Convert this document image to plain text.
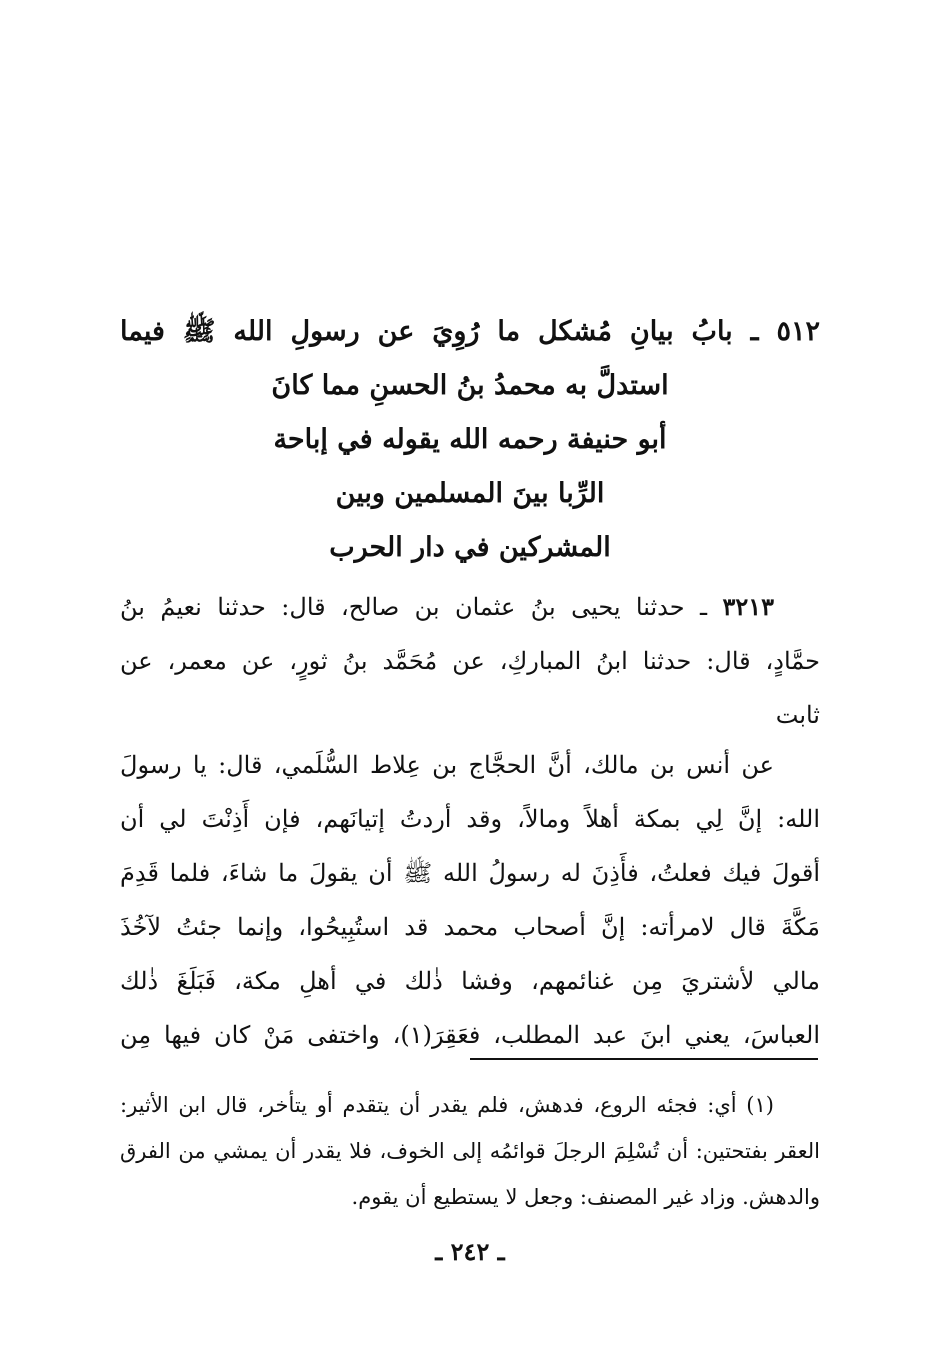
٥١٢ ـ بابُ بيانِ مُشكل ما رُوِيَ عن رسولِ الله ﷺ فيما
استدلَّ به محمدُ بنُ الحسنِ مما كانَ
أبو حنيفة رحمه الله يقوله في إباحة
الرِّبا بينَ المسلمين وبين
المشركين في دار الحرب
٣٢١٣ ـ حدثنا يحيى بنُ عثمان بن صالح، قال: حدثنا نعيمُ بنُ
حمَّادٍ، قال: حدثنا ابنُ المباركِ، عن مُحَمَّد بنُ ثورٍ، عن معمر، عن
ثابت
عن أنس بن مالك، أنَّ الحجَّاج بن عِلاط السُّلَمي، قال: يا رسولَ
الله: إنَّ لِي بمكة أهلاً ومالاً، وقد أردتُ إتيانَهم، فإن أَذِنْتَ لي أن
أقولَ فيك فعلتُ، فأَذِنَ له رسولُ الله ﷺ أن يقولَ ما شاءَ، فلما قَدِمَ
مَكَّةَ قال لامرأته: إنَّ أصحاب محمد قد استُبِيحُوا، وإنما جئتُ لآخُذَ
مالي لأشتريَ مِن غنائمهم، وفشا ذٰلك في أهلِ مكة، فَبَلَغَ ذٰلك
العباسَ، يعني ابنَ عبد المطلب، فعَقِرَ(١)، واختفى مَنْ كان فيها مِن
(١) أي: فجئه الروع، فدهش، فلم يقدر أن يتقدم أو يتأخر، قال ابن الأثير:
العقر بفتحتين: أن تُسْلِمَ الرجلَ قوائمُه إلى الخوف، فلا يقدر أن يمشي من الفرق
والدهش. وزاد غير المصنف: وجعل لا يستطيع أن يقوم.
ـ ٢٤٢ ـ
